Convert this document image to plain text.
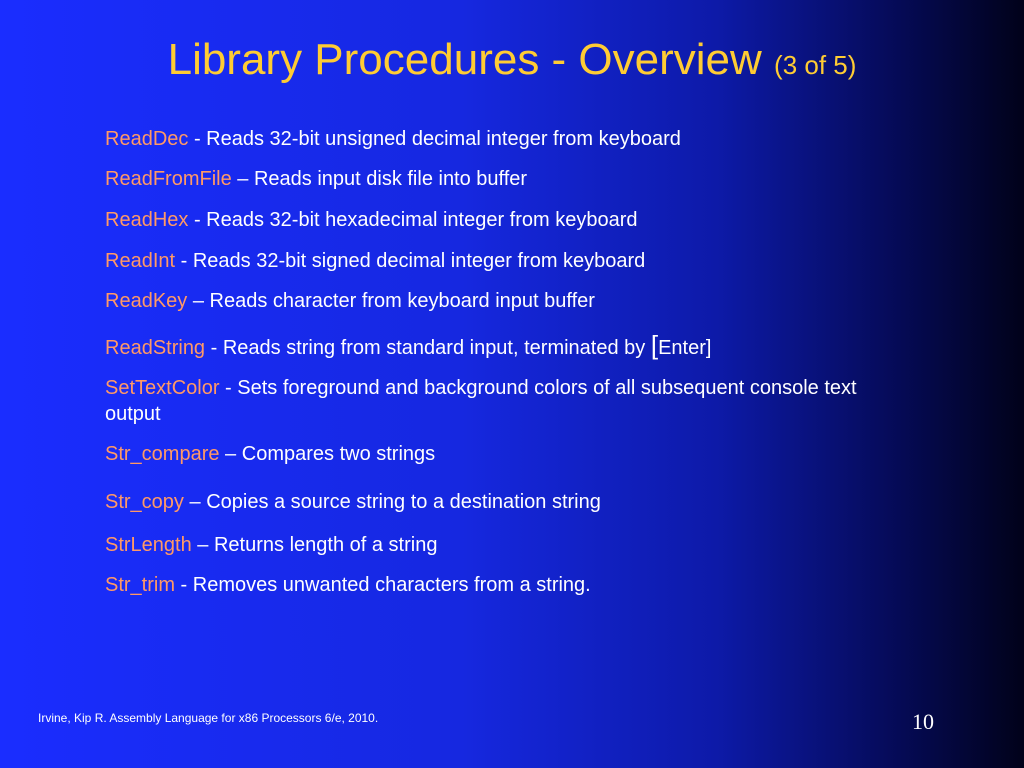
Library Procedures - Overview (3 of 5)
ReadDec - Reads 32-bit unsigned decimal integer from keyboard
ReadFromFile – Reads input disk file into buffer
ReadHex - Reads 32-bit hexadecimal integer from keyboard
ReadInt - Reads 32-bit signed decimal integer from keyboard
ReadKey – Reads character from keyboard input buffer
ReadString - Reads string from standard input, terminated by [Enter]
SetTextColor - Sets foreground and background colors of all subsequent console text output
Str_compare – Compares two strings
Str_copy – Copies a source string to a destination string
StrLength – Returns length of a string
Str_trim - Removes unwanted characters from a string.
Irvine, Kip R. Assembly Language for x86 Processors 6/e, 2010.	10
